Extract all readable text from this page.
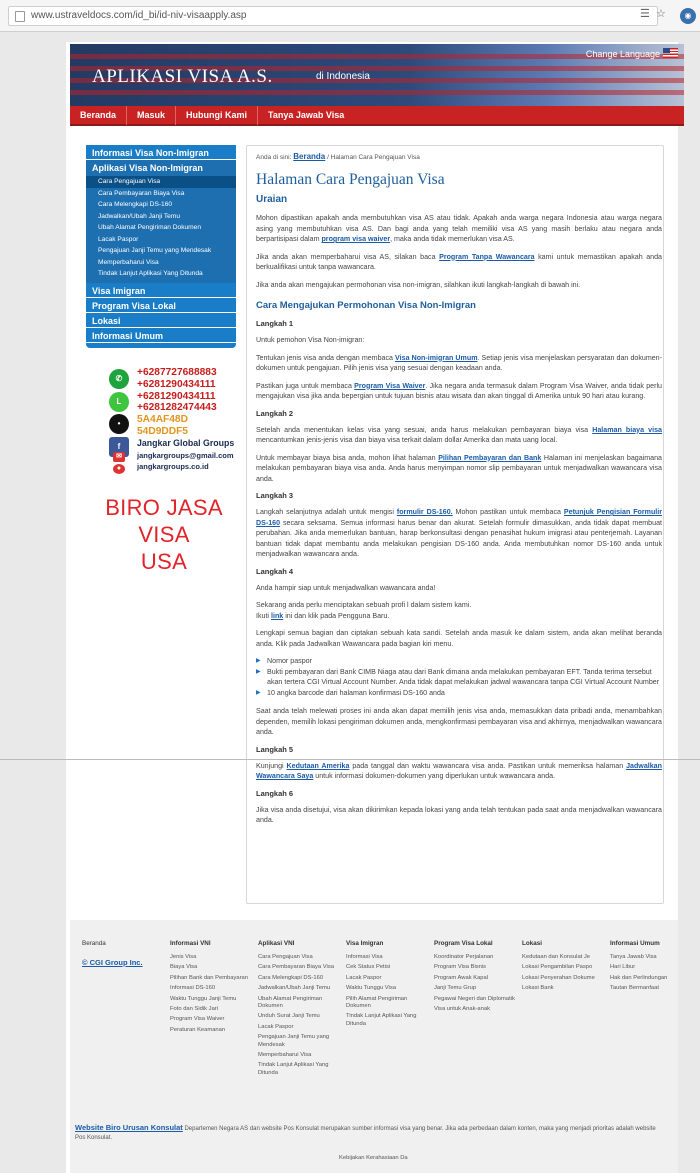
www.ustraveldocs.com/id_bi/id-niv-visaapply.asp	☰ ☆	◉
APLIKASI VISA A.S.	di Indonesia
Change Language
Beranda	Masuk	Hubungi Kami	Tanya Jawab Visa
Informasi Visa Non-Imigran
Aplikasi Visa Non-Imigran
Cara Pengajuan Visa
Cara Pembayaran Biaya Visa
Cara Melengkapi DS-160
Jadwalkan/Ubah Janji Temu
Ubah Alamat Pengiriman Dokumen
Lacak Paspor
Pengajuan Janji Temu yang Mendesak
Memperbaharui Visa
Tindak Lanjut Aplikasi Yang Ditunda
Visa Imigran
Program Visa Lokal
Lokasi
Informasi Umum
✆
L
•
f
✉
●
+6287727688883
+6281290434111
+6281290434111
+6281282474443
5A4AF48D
54D9DDF5
Jangkar Global Groups
jangkargroups@gmail.com
jangkargroups.co.id
BIRO JASA
VISA
USA
Anda di sini: Beranda / Halaman Cara Pengajuan Visa
Halaman Cara Pengajuan Visa
Uraian

Mohon dipastikan apakah anda membutuhkan visa AS atau tidak. Apakah anda warga negara Indonesia atau warga negara asing yang membutuhkan visa AS. Dan bagi anda yang telah memiliki visa AS yang masih berlaku atau negara anda berpartisipasi dalam program visa waiver, maka anda tidak memerlukan visa AS.

Jika anda akan memperbaharui visa AS, silakan baca Program Tanpa Wawancara kami untuk memastikan apakah anda berkualifikasi untuk tanpa wawancara.

Jika anda akan mengajukan permohonan visa non-imigran, silahkan ikuti langkah-langkah di bawah ini.

Cara Mengajukan Permohonan Visa Non-Imigran
Langkah 1

Untuk pemohon Visa Non-imigran:

Tentukan jenis visa anda dengan membaca Visa Non-imigran Umum. Setiap jenis visa menjelaskan persyaratan dan dokumen-dokumen untuk pengajuan. Pilih jenis visa yang sesuai dengan keadaan anda.

Pastikan juga untuk membaca Program Visa Waiver. Jika negara anda termasuk dalam Program Visa Waiver, anda tidak perlu mengajukan visa jika anda bepergian untuk tujuan bisnis atau wisata dan akan tinggal di Amerika untuk 90 hari atau kurang.

Langkah 2

Setelah anda menentukan kelas visa yang sesuai, anda harus melakukan pembayaran biaya visa Halaman biaya visa mencantumkan jenis-jenis visa dan biaya visa terkait dalam dollar Amerika dan mata uang local.

Untuk membayar biaya bisa anda, mohon lihat halaman Pilihan Pembayaran dan Bank Halaman ini menjelaskan bagaimana melakukan pembayaran biaya visa anda. Anda harus menyimpan nomor slip pembayaran untuk menjadwalkan wawancara visa anda.

Langkah 3

Langkah selanjutnya adalah untuk mengisi formulir DS-160. Mohon pastikan untuk membaca Petunjuk Pengisian Formulir DS-160 secara seksama. Semua informasi harus benar dan akurat. Setelah formulir dimasukkan, anda tidak dapat membuat perubahan. Jika anda memerlukan bantuan, harap berkonsultasi dengan penasihat hukum imigrasi atau penterjemah. Layanan bantuan tidak dapat membantu anda melakukan pengisian DS-160 anda. Anda membutuhkan nomor DS-160 anda untuk menjadwalkan wawancara anda.

Langkah 4

Anda hampir siap untuk menjadwalkan wawancara anda!

Sekarang anda perlu menciptakan sebuah profi l dalam sistem kami.
Ikuti link ini dan klik pada Pengguna Baru.

Lengkapi semua bagian dan ciptakan sebuah kata sandi. Setelah anda masuk ke dalam sistem, anda akan melihat beranda anda. Klik pada Jadwalkan Wawancara pada bagian kiri menu.

▶ Nomor paspor
▶ Bukti pembayaran dari Bank CIMB Niaga atau dari Bank dimana anda melakukan pembayaran EFT. Tanda terima tersebut akan tertera CGI Virtual Account Number. Anda tidak dapat melakukan jadwal wawancara tanpa CGI Virtual Account Number
▶ 10 angka barcode dari halaman konfirmasi DS-160 anda

Saat anda telah melewati proses ini anda akan dapat memilih jenis visa anda, memasukkan data pribadi anda, menambahkan dependen, memilih lokasi pengiriman dokumen anda, mengkonfirmasi pembayaran visa and akhirnya, menjadwalkan wawancara anda.

Langkah 5

Kunjungi Kedutaan Amerika pada tanggal dan waktu wawancara visa anda. Pastikan untuk memeriksa halaman Jadwalkan Wawancara Saya untuk informasi dokumen-dokumen yang diperlukan untuk wawancara anda.

Langkah 6

Jika visa anda disetujui, visa akan dikirimkan kepada lokasi yang anda telah tentukan pada saat anda menjadwalkan wawancara anda.

Beranda
© CGI Group Inc.
Informasi VNI
Jenis Visa
Biaya Visa
Pilihan Bank dan Pembayaran
Informasi DS-160
Waktu Tunggu Janji Temu
Foto dan Sidik Jari
Program Visa Waiver
Peraturan Keamanan
Aplikasi VNI
Cara Pengajuan Visa
Cara Pembayaran Biaya Visa
Cara Melengkapi DS-160
Jadwalkan/Ubah Janji Temu
Ubah Alamat Pengiriman Dokumen
Unduh Surat Janji Temu
Lacak Paspor
Pengajuan Janji Temu yang Mendesak
Memperbaharui Visa
Tindak Lanjut Aplikasi Yang Ditunda
Visa Imigran
Informasi Visa
Cek Status Petisi
Lacak Paspor
Waktu Tunggu Visa
Pilih Alamat Pengiriman Dokumen
Tindak Lanjut Aplikasi Yang Ditunda
Program Visa Lokal
Koordinator Perjalanan
Program Visa Bisnis
Program Awak Kapal
Janji Temu Grup
Pegawai Negeri dan Diplomatik
Visa untuk Anak-anak
Lokasi
Kedutaan dan Konsulat Je
Lokasi Pengambilan Paspo
Lokasi Penyerahan Dokume
Lokasi Bank
Informasi Umum
Tanya Jawab Visa
Hari Libur
Hak dan Perlindungan
Tautan Bermanfaat
Website Biro Urusan Konsulat Departemen Negara AS dan website Pos Konsulat merupakan sumber informasi visa yang benar. Jika ada perbedaan dalam konten, maka yang menjadi prioritas adalah website Pos Konsulat.
Kebijakan Kerahasiaan Da
